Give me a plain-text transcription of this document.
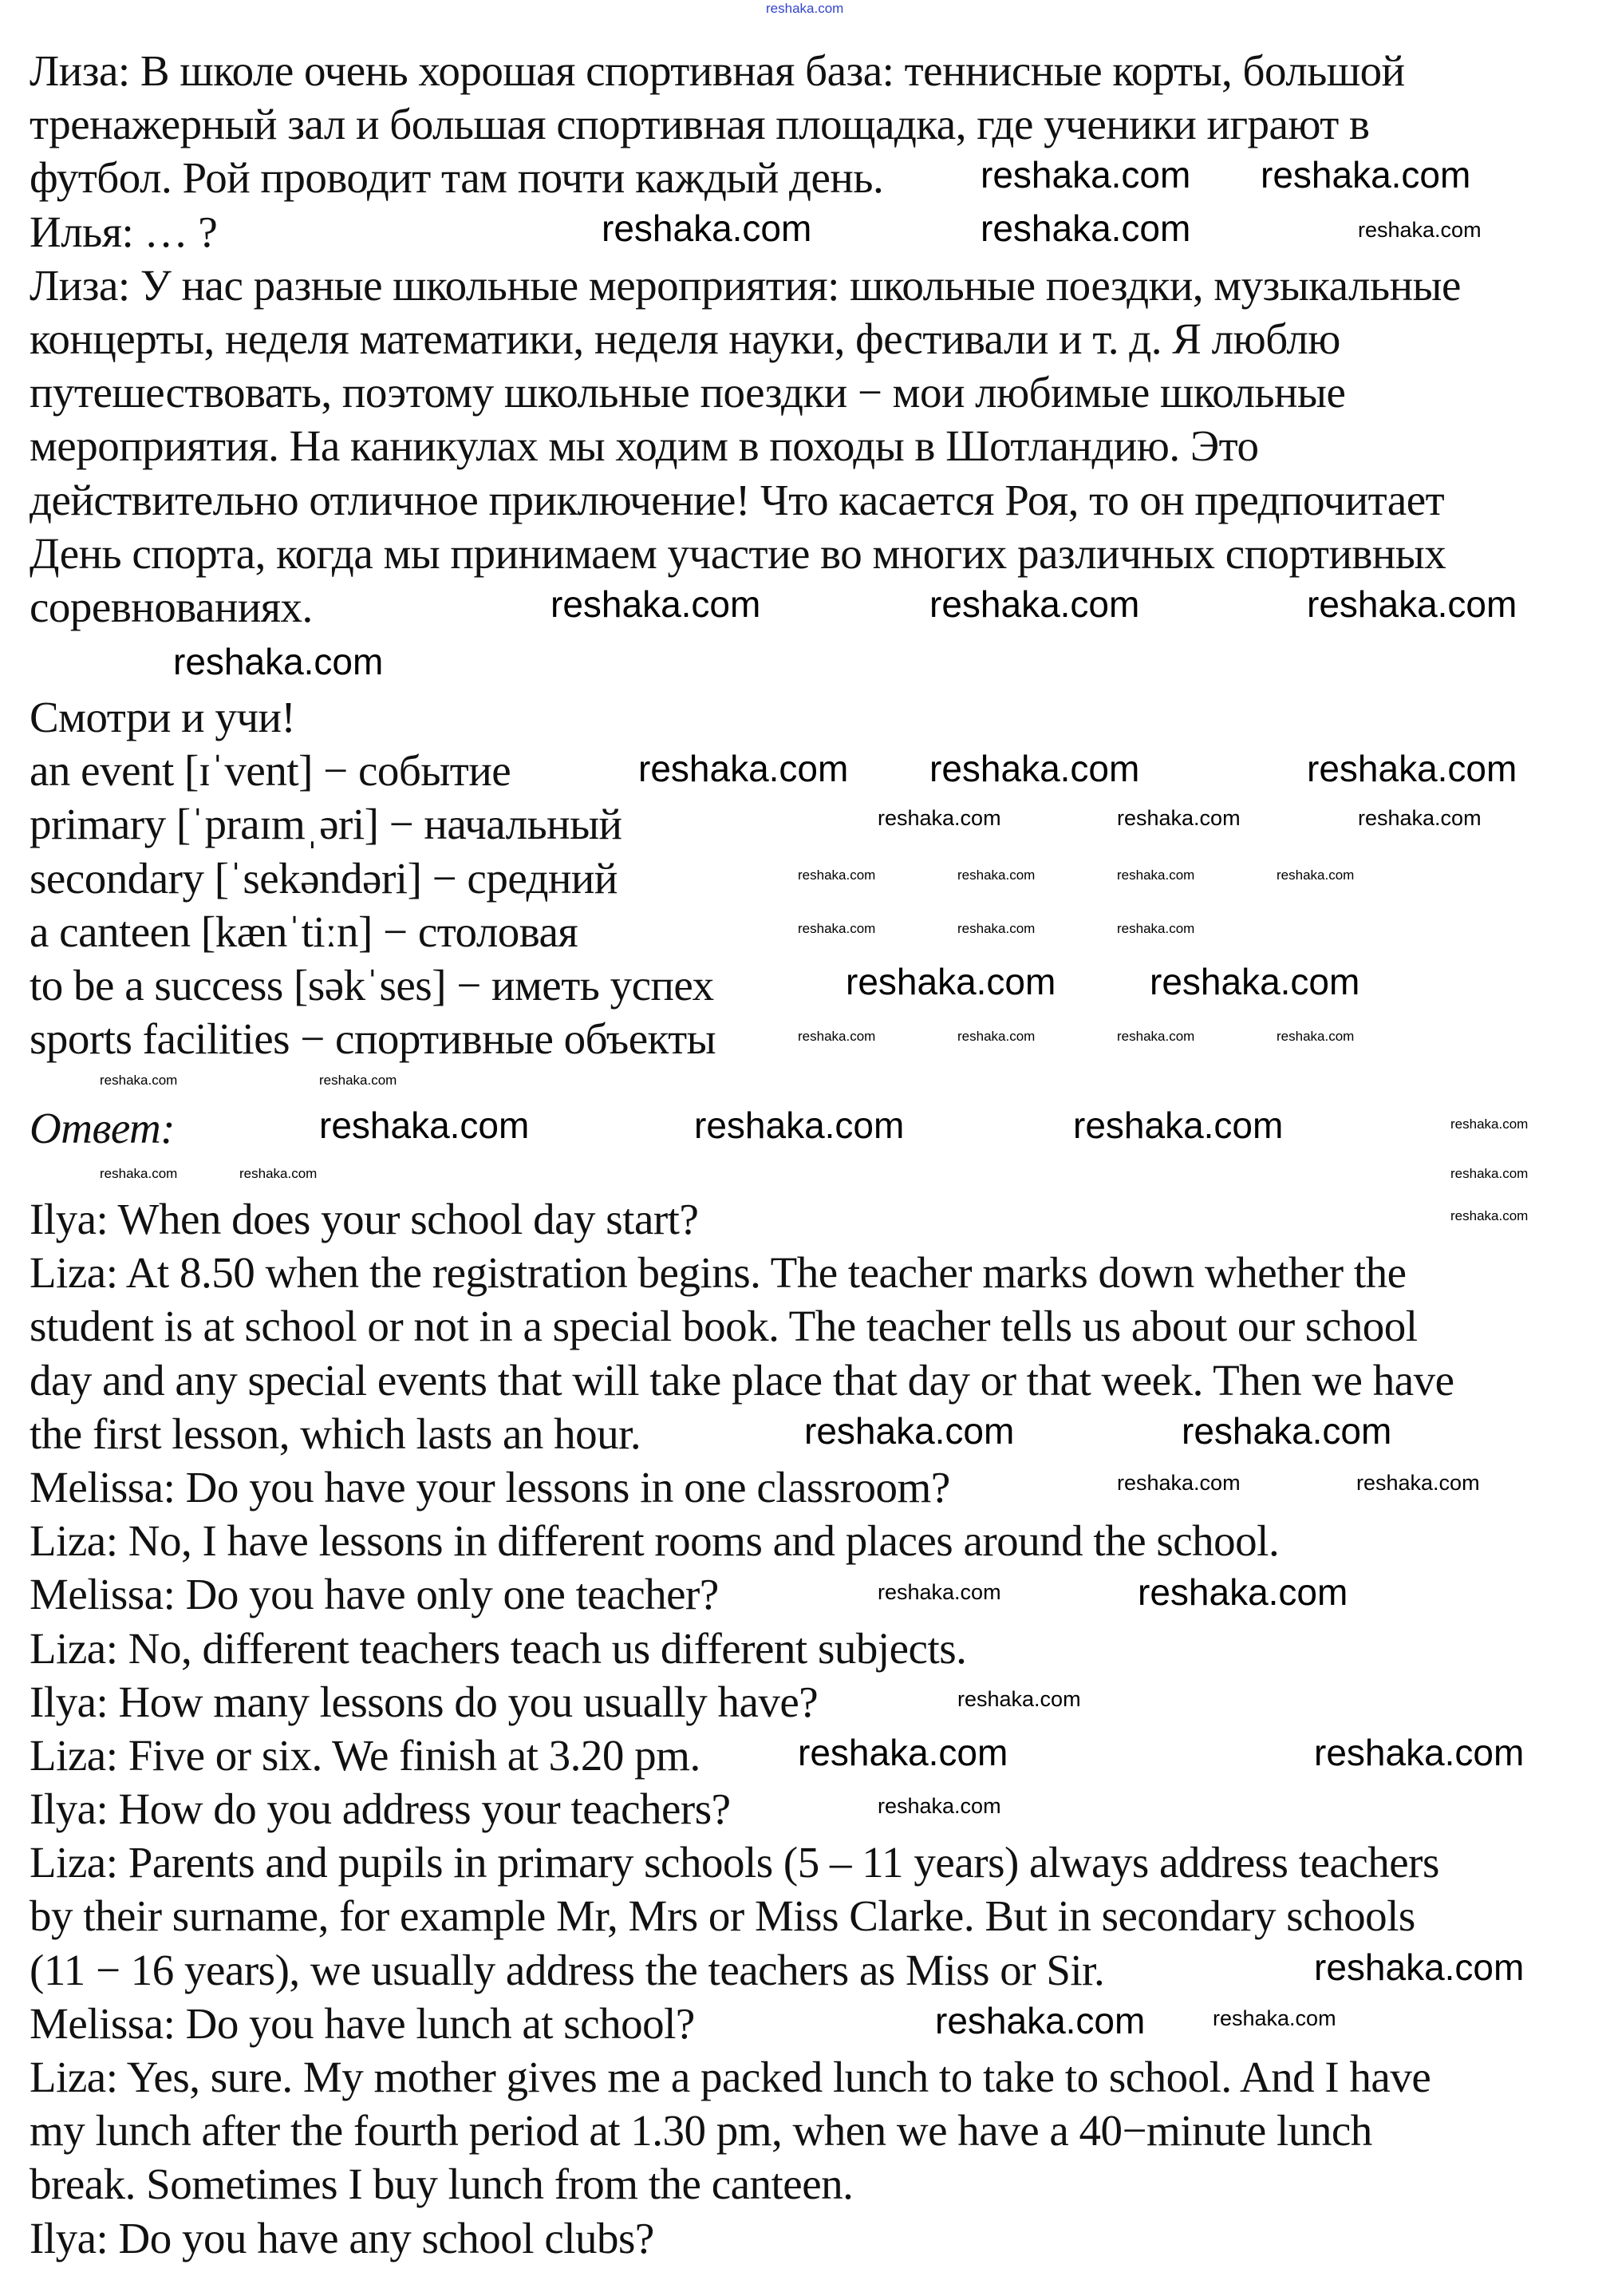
Лиза: В школе очень хорошая спортивная база: теннисные корты, большой
тренажерный зал и большая спортивная площадка, где ученики играют в
футбол. Рой проводит там почти каждый день.
Илья: … ?
Лиза: У нас разные школьные мероприятия: школьные поездки, музыкальные
концерты, неделя математики, неделя науки, фестивали и т. д. Я люблю
путешествовать, поэтому школьные поездки − мои любимые школьные
мероприятия. На каникулах мы ходим в походы в Шотландию. Это
действительно отличное приключение! Что касается Роя, то он предпочитает
День спорта, когда мы принимаем участие во многих различных спортивных
соревнованиях.
Смотри и учи!
an event [ɪˈvent] − событие
primary [ˈpraɪmˌəri] − начальный
secondary [ˈsekəndəri] − средний
a canteen [kænˈtiːn] − столовая
to be a success [səkˈses] − иметь успех
sports facilities − спортивные объекты
Ответ:
Ilya: When does your school day start?
Liza: At 8.50 when the registration begins. The teacher marks down whether the
student is at school or not in a special book. The teacher tells us about our school
day and any special events that will take place that day or that week. Then we have
the first lesson, which lasts an hour.
Melissa: Do you have your lessons in one classroom?
Liza: No, I have lessons in different rooms and places around the school.
Melissa: Do you have only one teacher?
Liza: No, different teachers teach us different subjects.
Ilya: How many lessons do you usually have?
Liza: Five or six. We finish at 3.20 pm.
Ilya: How do you address your teachers?
Liza: Parents and pupils in primary schools (5 – 11 years) always address teachers
by their surname, for example Mr, Mrs or Miss Clarke. But in secondary schools
(11 − 16 years), we usually address the teachers as Miss or Sir.
Melissa: Do you have lunch at school?
Liza: Yes, sure. My mother gives me a packed lunch to take to school. And I have
my lunch after the fourth period at 1.30 pm, when we have a 40−minute lunch
break. Sometimes I buy lunch from the canteen.
Ilya: Do you have any school clubs?
reshaka.com
reshaka.com reshaka.com
reshaka.com	reshaka.com
reshaka.com	reshaka.com	reshaka.com
reshaka.com
reshaka.com reshaka.com	reshaka.com
reshaka.com	reshaka.com
reshaka.com	reshaka.com	reshaka.com
reshaka.com	reshaka.com
reshaka.com
reshaka.com	reshaka.com
reshaka.com
reshaka.com
reshaka.com
reshaka.com	reshaka.com	reshaka.com
reshaka.com	reshaka.com
reshaka.com
reshaka.com
reshaka.com
reshaka.com
reshaka.com	reshaka.com	reshaka.com	reshaka.com
reshaka.com	reshaka.com	reshaka.com
reshaka.com	reshaka.com	reshaka.com	reshaka.com
reshaka.com	reshaka.com
reshaka.com
reshaka.com	reshaka.com	reshaka.com
reshaka.com
